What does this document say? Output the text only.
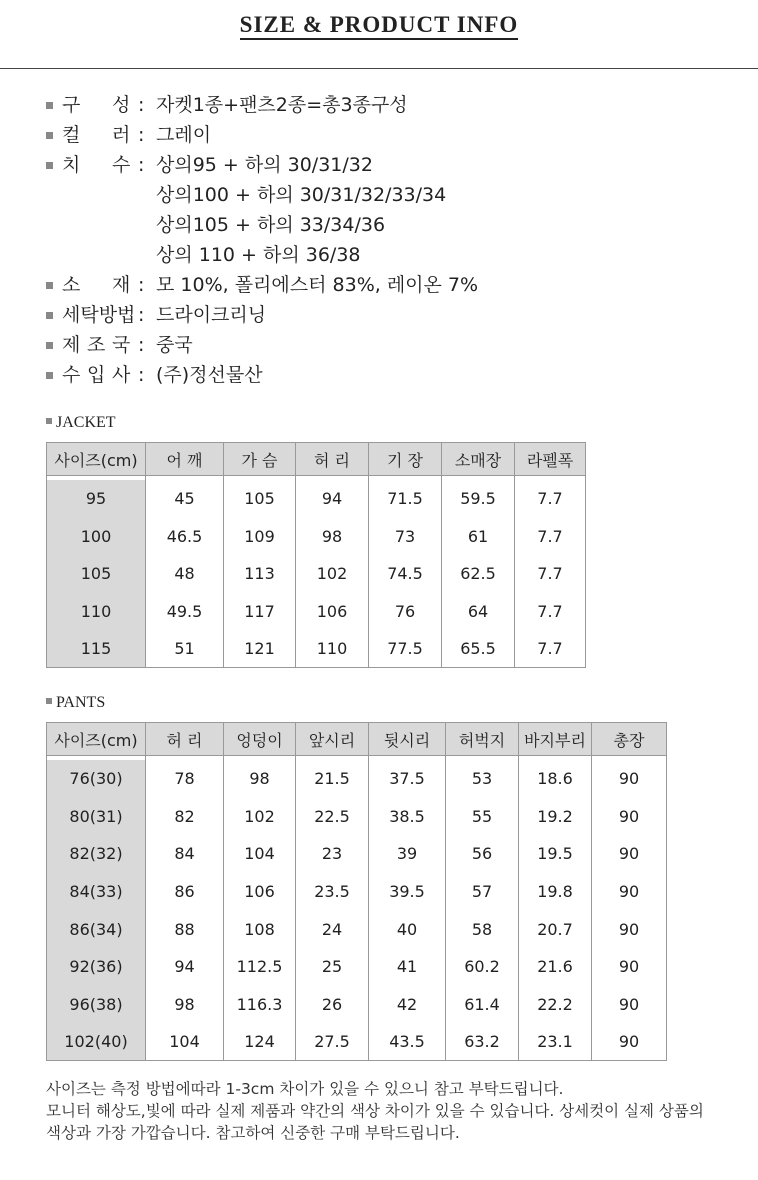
SIZE & PRODUCT INFO
구 성 : 자켓1종+팬츠2종=총3종구성
컬 러 : 그레이
치 수 : 상의95 + 하의 30/31/32
상의100 + 하의 30/31/32/33/34
상의105 + 하의 33/34/36
상의 110 + 하의 36/38
소 재 : 모 10%, 폴리에스터 83%, 레이온 7%
세탁방법 : 드라이크리닝
제 조 국 : 중국
수 입 사 : (주)정선물산
JACKET
사이즈(cm)	어 깨	가 슴	허 리	기 장	소매장	라펠폭

95	45	105	94	71.5	59.5	7.7
100	46.5	109	98	73	61	7.7
105	48	113	102	74.5	62.5	7.7
110	49.5	117	106	76	64	7.7
115	51	121	110	77.5	65.5	7.7
PANTS
사이즈(cm)	허 리	엉덩이	앞시리	뒷시리	허벅지	바지부리	총장

76(30)	78	98	21.5	37.5	53	18.6	90
80(31)	82	102	22.5	38.5	55	19.2	90
82(32)	84	104	23	39	56	19.5	90
84(33)	86	106	23.5	39.5	57	19.8	90
86(34)	88	108	24	40	58	20.7	90
92(36)	94	112.5	25	41	60.2	21.6	90
96(38)	98	116.3	26	42	61.4	22.2	90
102(40)	104	124	27.5	43.5	63.2	23.1	90
사이즈는 측정 방법에따라 1-3cm 차이가 있을 수 있으니 참고 부탁드립니다.
모니터 해상도,빛에 따라 실제 제품과 약간의 색상 차이가 있을 수 있습니다. 상세컷이 실제 상품의
색상과 가장 가깝습니다. 참고하여 신중한 구매 부탁드립니다.
